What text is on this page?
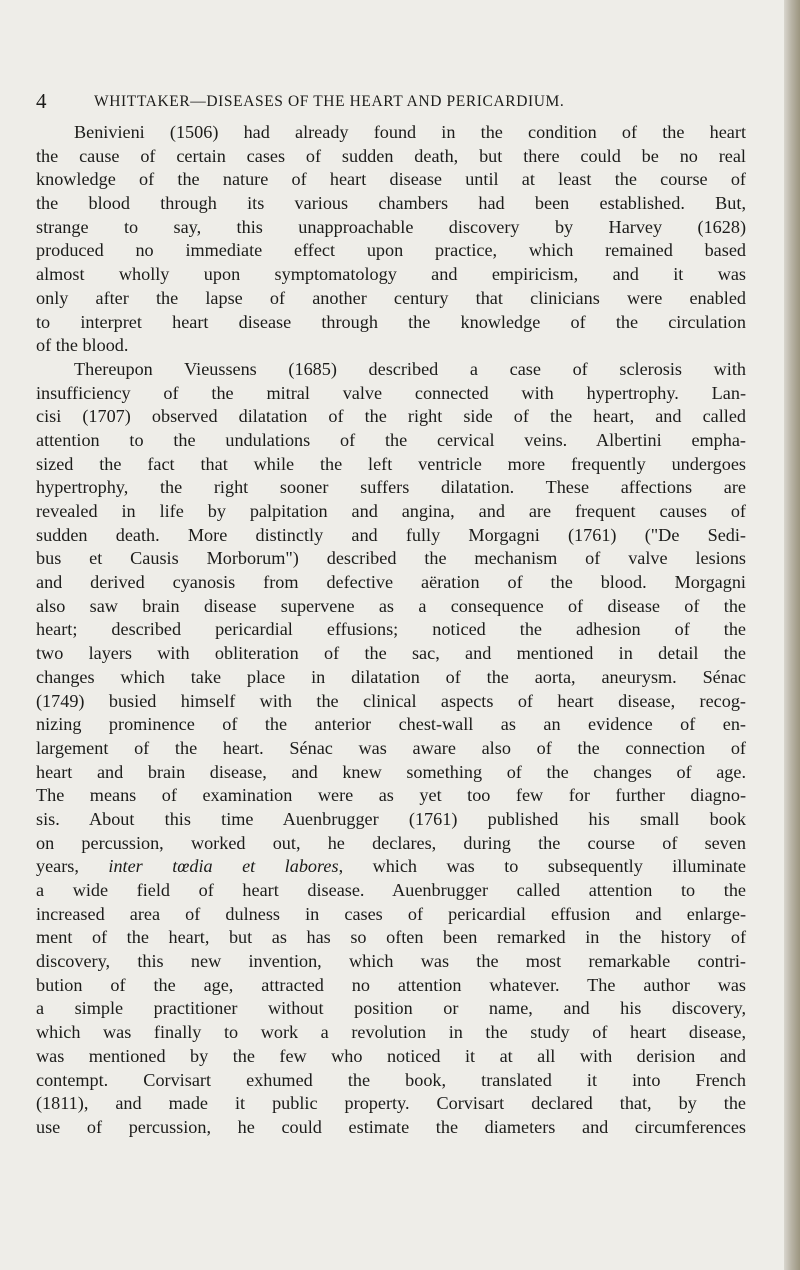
4	WHITTAKER—DISEASES OF THE HEART AND PERICARDIUM.
Benivieni (1506) had already found in the condition of the heart
the cause of certain cases of sudden death, but there could be no real
knowledge of the nature of heart disease until at least the course of
the blood through its various chambers had been established. But,
strange to say, this unapproachable discovery by Harvey (1628)
produced no immediate effect upon practice, which remained based
almost wholly upon symptomatology and empiricism, and it was
only after the lapse of another century that clinicians were enabled
to interpret heart disease through the knowledge of the circulation
of the blood.
Thereupon Vieussens (1685) described a case of sclerosis with
insufficiency of the mitral valve connected with hypertrophy. Lan-
cisi (1707) observed dilatation of the right side of the heart, and called
attention to the undulations of the cervical veins. Albertini empha-
sized the fact that while the left ventricle more frequently undergoes
hypertrophy, the right sooner suffers dilatation. These affections are
revealed in life by palpitation and angina, and are frequent causes of
sudden death. More distinctly and fully Morgagni (1761) ("De Sedi-
bus et Causis Morborum") described the mechanism of valve lesions
and derived cyanosis from defective aëration of the blood. Morgagni
also saw brain disease supervene as a consequence of disease of the
heart; described pericardial effusions; noticed the adhesion of the
two layers with obliteration of the sac, and mentioned in detail the
changes which take place in dilatation of the aorta, aneurysm. Sénac
(1749) busied himself with the clinical aspects of heart disease, recog-
nizing prominence of the anterior chest-wall as an evidence of en-
largement of the heart. Sénac was aware also of the connection of
heart and brain disease, and knew something of the changes of age.
The means of examination were as yet too few for further diagno-
sis. About this time Auenbrugger (1761) published his small book
on percussion, worked out, he declares, during the course of seven
years, inter tœdia et labores, which was to subsequently illuminate
a wide field of heart disease. Auenbrugger called attention to the
increased area of dulness in cases of pericardial effusion and enlarge-
ment of the heart, but as has so often been remarked in the history of
discovery, this new invention, which was the most remarkable contri-
bution of the age, attracted no attention whatever. The author was
a simple practitioner without position or name, and his discovery,
which was finally to work a revolution in the study of heart disease,
was mentioned by the few who noticed it at all with derision and
contempt. Corvisart exhumed the book, translated it into French
(1811), and made it public property. Corvisart declared that, by the
use of percussion, he could estimate the diameters and circumferences
